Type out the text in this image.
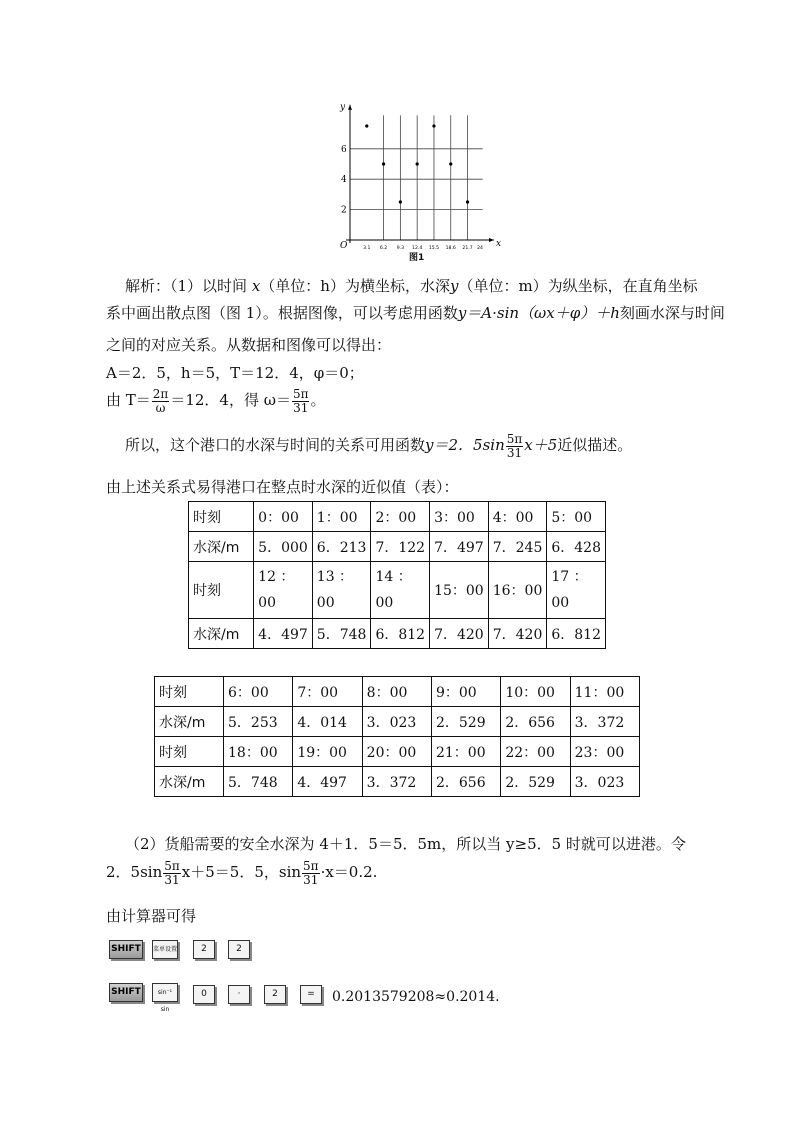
y
x
O
2
4
6
3.1 6.2 9.3 12.4 15.5 18.6 21.7 24
图1
解析：（1）以时间 x（单位：h）为横坐标，水深y（单位：m）为纵坐标，在直角坐标
系中画出散点图（图 1）。根据图像，可以考虑用函数y＝A·sin（ωx＋φ）＋h刻画水深与时间
之间的对应关系。从数据和图像可以得出：
A＝2．5，h＝5，T＝12．4，φ＝0；
由 $T= \frac{2\pi}{\omega} =12$．4，得 $\omega= \frac{5\pi}{31}$ 。
所以，这个港口的水深与时间的关系可用函数y＝2．$5\sin \frac{5\pi}{31} x+5$近似描述。
由上述关系式易得港口在整点时水深的近似值（表）：
时刻	0：00	1：00	2：00	3：00	4：00	5：00
水深/m	5．000	6．213	7．122	7．497	7．245	6．428
时刻	12 ：00	13 ：00	14 ：00	15：00	16：00	17 ：00
水深/m	4．497	5．748	6．812	7．420	7．420	6．812
时刻	6：00	7：00	8：00	9：00	10：00	11：00
水深/m	5．253	4．014	3．023	2．529	2．656	3．372
时刻	18：00	19：00	20：00	21：00	22：00	23：00
水深/m	5．748	4．497	3．372	2．656	2．529	3．023
（2）货船需要的安全水深为 4＋1．5＝5．5m，所以当 y≥5．5 时就可以进港。令
2．$5\sin \frac{5\pi}{31} x+5=5$．5，$\sin \frac{5\pi}{31} \cdot x=0.2$.
由计算器可得
SHIFT	菜单设置	2	2
SHIFT	sin⁻¹ sin
0	·	2	=	0.2013579208≈0.2014.
